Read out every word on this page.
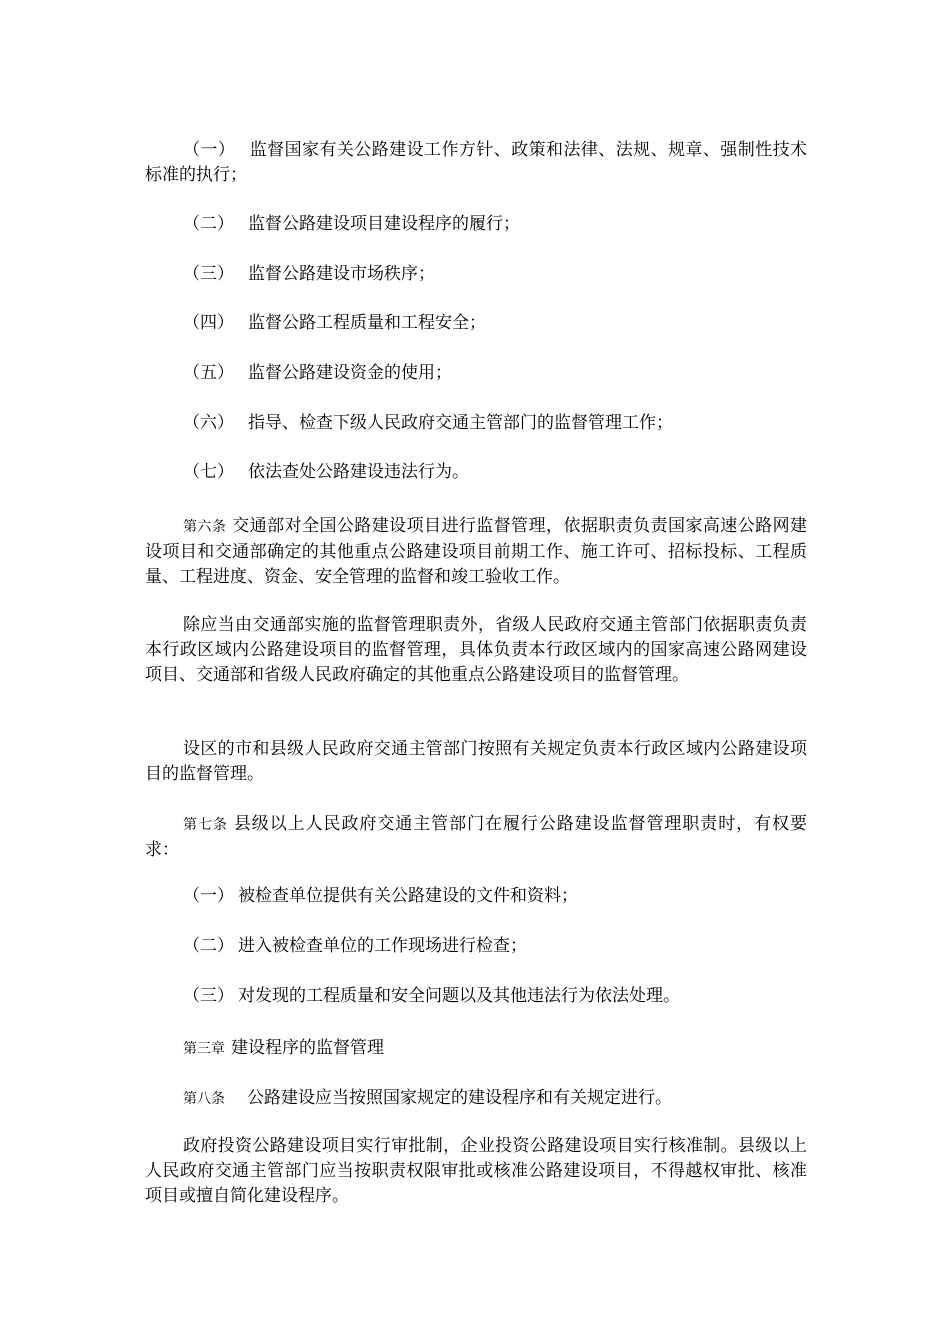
（一） 监督国家有关公路建设工作方针、政策和法律、法规、规章、强制性技术标准的执行；

（二） 监督公路建设项目建设程序的履行；

（三） 监督公路建设市场秩序；

（四） 监督公路工程质量和工程安全；

（五） 监督公路建设资金的使用；

（六） 指导、检查下级人民政府交通主管部门的监督管理工作；

（七） 依法查处公路建设违法行为。

第六条 交通部对全国公路建设项目进行监督管理，依据职责负责国家高速公路网建设项目和交通部确定的其他重点公路建设项目前期工作、施工许可、招标投标、工程质量、工程进度、资金、安全管理的监督和竣工验收工作。

除应当由交通部实施的监督管理职责外，省级人民政府交通主管部门依据职责负责本行政区域内公路建设项目的监督管理，具体负责本行政区域内的国家高速公路网建设项目、交通部和省级人民政府确定的其他重点公路建设项目的监督管理。

设区的市和县级人民政府交通主管部门按照有关规定负责本行政区域内公路建设项目的监督管理。

第七条 县级以上人民政府交通主管部门在履行公路建设监督管理职责时，有权要求：

（一） 被检查单位提供有关公路建设的文件和资料；

（二） 进入被检查单位的工作现场进行检查；

（三） 对发现的工程质量和安全问题以及其他违法行为依法处理。

第三章 建设程序的监督管理

第八条 公路建设应当按照国家规定的建设程序和有关规定进行。

政府投资公路建设项目实行审批制，企业投资公路建设项目实行核准制。县级以上人民政府交通主管部门应当按职责权限审批或核准公路建设项目，不得越权审批、核准项目或擅自简化建设程序。
